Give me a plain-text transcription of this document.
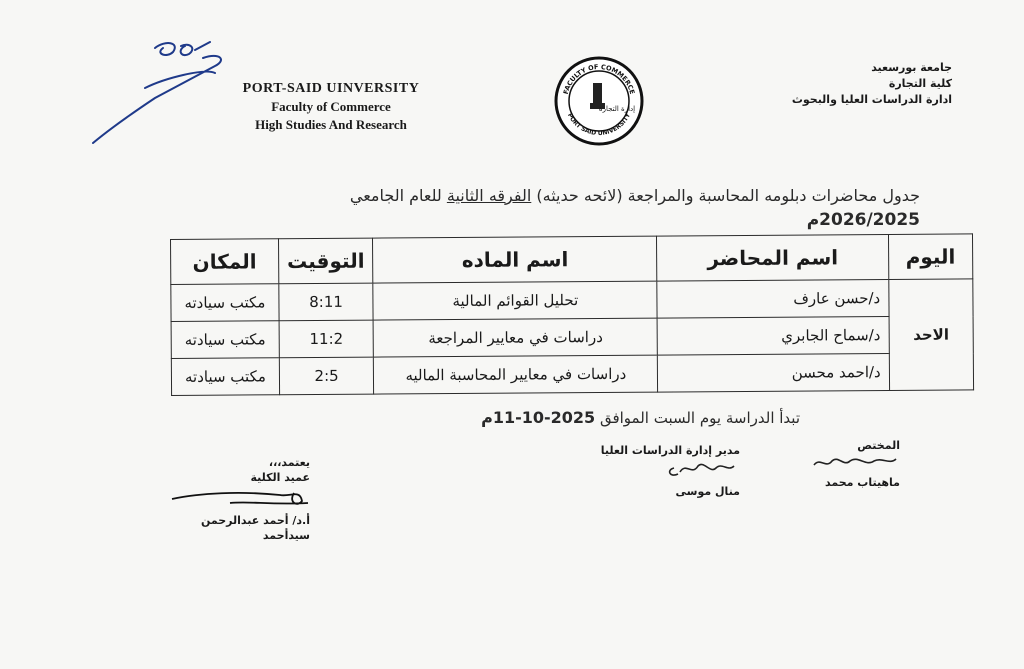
PORT-SAID UINVERSITY
Faculty of Commerce
High Studies And Research
FACULTY OF COMMERCE
PORT SAID UNIVERSITY
إدارة التجارة
جامعة بورسعيد
كلية التجارة
ادارة الدراسات العليا والبحوث
جدول محاضرات دبلومه المحاسبة والمراجعة (لائحه حديثه) الفرقه الثانية للعام الجامعي
2026/2025م
اليوم	اسم المحاضر	اسم الماده	التوقيت	المكان
الاحد	د/حسن عارف	تحليل القوائم المالية	8:11	مكتب سيادته
	د/سماح الجابري	دراسات في معايير المراجعة	11:2	مكتب سيادته
	د/احمد محسن	دراسات في معايير المحاسبة الماليه	2:5	مكتب سيادته
تبدأ الدراسة يوم السبت الموافق 2025-10-11م
المختص
ماهيتاب محمد
مدير إدارة الدراسات العليا
منال موسى
يعتمد،،،
عميد الكلية
أ.د/ أحمد عبدالرحمن سيدأحمد
